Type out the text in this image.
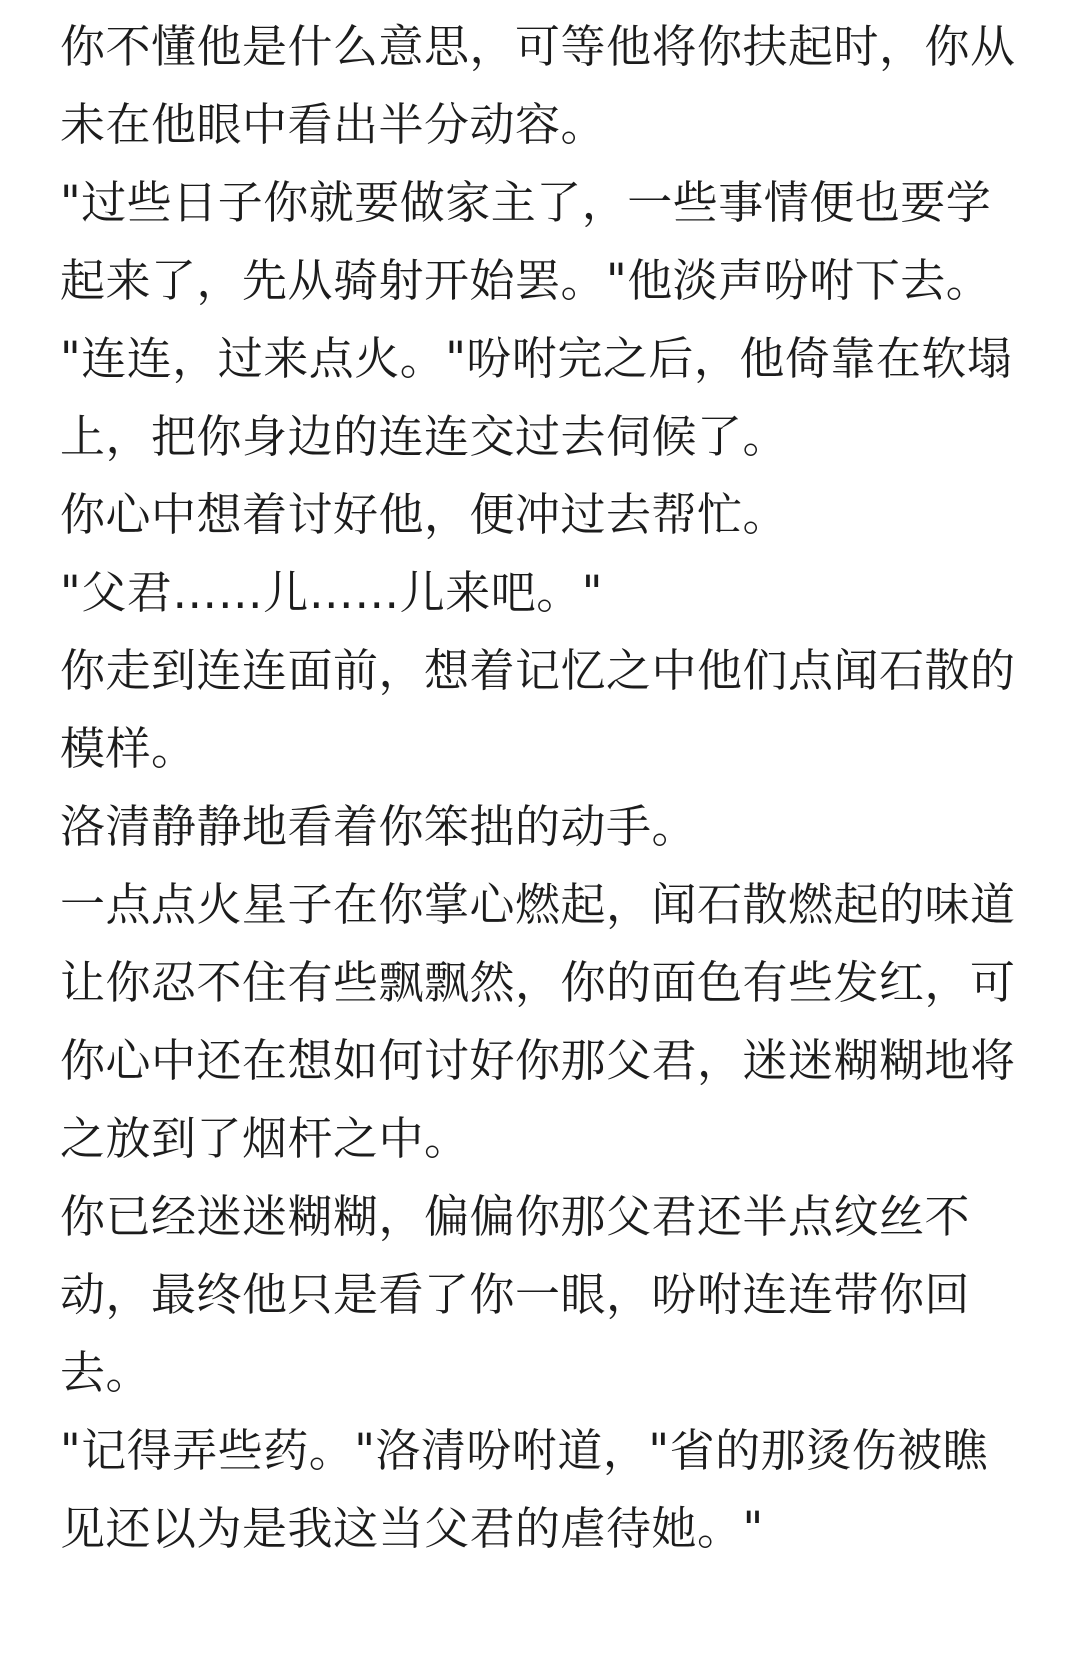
你不懂他是什么意思，可等他将你扶起时，你从未在他眼中看出半分动容。

"过些日子你就要做家主了，一些事情便也要学起来了，先从骑射开始罢。"他淡声吩咐下去。

"连连，过来点火。"吩咐完之后，他倚靠在软塌上，把你身边的连连交过去伺候了。

你心中想着讨好他，便冲过去帮忙。

"父君……儿……儿来吧。"

你走到连连面前，想着记忆之中他们点闻石散的模样。

洛清静静地看着你笨拙的动手。

一点点火星子在你掌心燃起，闻石散燃起的味道让你忍不住有些飘飘然，你的面色有些发红，可你心中还在想如何讨好你那父君，迷迷糊糊地将之放到了烟杆之中。

你已经迷迷糊糊，偏偏你那父君还半点纹丝不动，最终他只是看了你一眼，吩咐连连带你回去。

"记得弄些药。"洛清吩咐道，"省的那烫伤被瞧见还以为是我这当父君的虐待她。"
